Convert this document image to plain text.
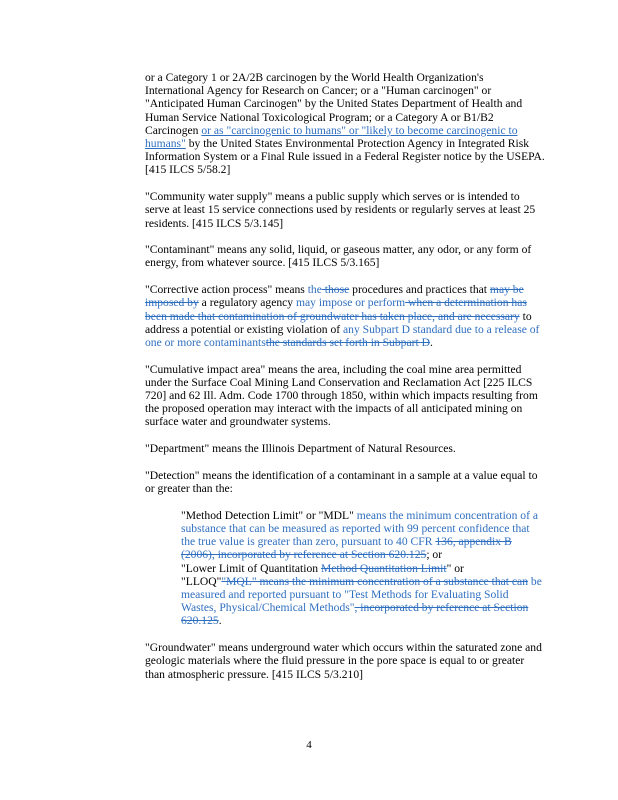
or a Category 1 or 2A/2B carcinogen by the World Health Organization's International Agency for Research on Cancer; or a "Human carcinogen" or "Anticipated Human Carcinogen" by the United States Department of Health and Human Service National Toxicological Program; or a Category A or B1/B2 Carcinogen or as "carcinogenic to humans" or "likely to become carcinogenic to humans" by the United States Environmental Protection Agency in Integrated Risk Information System or a Final Rule issued in a Federal Register notice by the USEPA. [415 ILCS 5/58.2]

"Community water supply" means a public supply which serves or is intended to serve at least 15 service connections used by residents or regularly serves at least 25 residents. [415 ILCS 5/3.145]

"Contaminant" means any solid, liquid, or gaseous matter, any odor, or any form of energy, from whatever source. [415 ILCS 5/3.165]

"Corrective action process" means the those procedures and practices that may be imposed by a regulatory agency may impose or perform when a determination has been made that contamination of groundwater has taken place, and are necessary to address a potential or existing violation of any Subpart D standard due to a release of one or more contaminantsthe standards set forth in Subpart D.

"Cumulative impact area" means the area, including the coal mine area permitted under the Surface Coal Mining Land Conservation and Reclamation Act [225 ILCS 720] and 62 Ill. Adm. Code 1700 through 1850, within which impacts resulting from the proposed operation may interact with the impacts of all anticipated mining on surface water and groundwater systems.

"Department" means the Illinois Department of Natural Resources.

"Detection" means the identification of a contaminant in a sample at a value equal to or greater than the:

"Method Detection Limit" or "MDL" means the minimum concentration of a substance that can be measured as reported with 99 percent confidence that the true value is greater than zero, pursuant to 40 CFR 136, appendix B (2006), incorporated by reference at Section 620.125; or
"Lower Limit of Quantitation Method Quantitation Limit" or
"LLOQ""MQL" means the minimum concentration of a substance that can be measured and reported pursuant to "Test Methods for Evaluating Solid Wastes, Physical/Chemical Methods", incorporated by reference at Section 620.125.

"Groundwater" means underground water which occurs within the saturated zone and geologic materials where the fluid pressure in the pore space is equal to or greater than atmospheric pressure. [415 ILCS 5/3.210]

4
